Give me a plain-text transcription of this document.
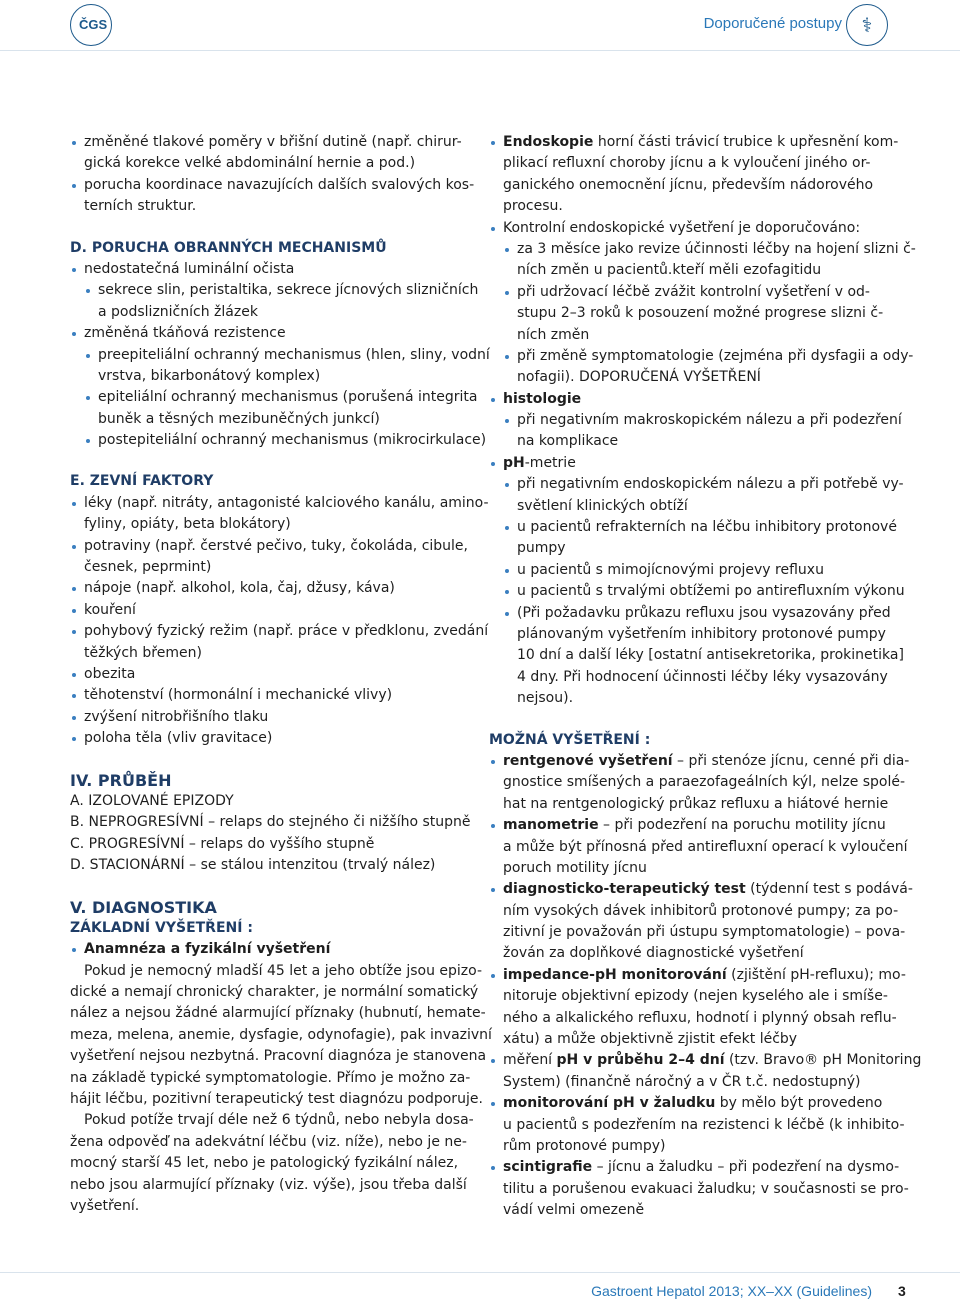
ČGS	Doporučené postupy ⚕
změněné tlakové poměry v břišní dutině (např. chirur-
gická korekce velké abdominální hernie a pod.)
porucha koordinace navazujících dalších svalových kos-
terních struktur.
D. PORUCHA OBRANNÝCH MECHANISMŮ
nedostatečná luminální očista
sekrece slin, peristaltika, sekrece jícnových slizničních
a podslizničních žlázek
změněná tkáňová rezistence
preepiteliální ochranný mechanismus (hlen, sliny, vodní
vrstva, bikarbonátový komplex)
epiteliální ochranný mechanismus (porušená integrita
buněk a těsných mezibuněčných junkcí)
postepiteliální ochranný mechanismus (mikrocirkulace)
E. ZEVNÍ FAKTORY
léky (např. nitráty, antagonisté kalciového kanálu, amino-
fyliny, opiáty, beta blokátory)
potraviny (např. čerstvé pečivo, tuky, čokoláda, cibule,
česnek, peprmint)
nápoje (např. alkohol, kola, čaj, džusy, káva)
kouření
pohybový fyzický režim (např. práce v předklonu, zvedání
těžkých břemen)
obezita
těhotenství (hormonální i mechanické vlivy)
zvýšení nitrobřišního tlaku
poloha těla (vliv gravitace)
IV. PRŮBĚH
A. IZOLOVANÉ EPIZODY
B. NEPROGRESÍVNÍ – relaps do stejného či nižšího stupně
C. PROGRESÍVNÍ – relaps do vyššího stupně
D. STACIONÁRNÍ – se stálou intenzitou (trvalý nález)
V. DIAGNOSTIKA
ZÁKLADNÍ VYŠETŘENÍ :
Anamnéza a fyzikální vyšetření
Pokud je nemocný mladší 45 let a jeho obtíže jsou epizo-
dické a nemají chronický charakter, je normální somatický
nález a nejsou žádné alarmující příznaky (hubnutí, hemate-
meza, melena, anemie, dysfagie, odynofagie), pak invazivní
vyšetření nejsou nezbytná. Pracovní diagnóza je stanovena
na základě typické symptomatologie. Přímo je možno za-
hájit léčbu, pozitivní terapeutický test diagnózu podporuje.
Pokud potíže trvají déle než 6 týdnů, nebo nebyla dosa-
žena odpověď na adekvátní léčbu (viz. níže), nebo je ne-
mocný starší 45 let, nebo je patologický fyzikální nález,
nebo jsou alarmující příznaky (viz. výše), jsou třeba další
vyšetření.
Endoskopie horní části trávicí trubice k upřesnění kom-
plikací refluxní choroby jícnu a k vyloučení jiného or-
ganického onemocnění jícnu, především nádorového
procesu.
Kontrolní endoskopické vyšetření je doporučováno:
za 3 měsíce jako revize účinnosti léčby na hojení slizni č-
ních změn u pacientů.kteří měli ezofagitidu
při udržovací léčbě zvážit kontrolní vyšetření v od-
stupu 2–3 roků k posouzení možné progrese slizni č-
ních změn
při změně symptomatologie (zejména při dysfagii a ody-
nofagii). DOPORUČENÁ VYŠETŘENÍ
histologie
při negativním makroskopickém nálezu a při podezření
na komplikace
pH-metrie
při negativním endoskopickém nálezu a při potřebě vy-
světlení klinických obtíží
u pacientů refrakterních na léčbu inhibitory protonové
pumpy
u pacientů s mimojícnovými projevy refluxu
u pacientů s trvalými obtížemi po antirefluxním výkonu
(Při požadavku průkazu refluxu jsou vysazovány před
plánovaným vyšetřením inhibitory protonové pumpy
10 dní a další léky [ostatní antisekretorika, prokinetika]
4 dny. Při hodnocení účinnosti léčby léky vysazovány
nejsou).
MOŽNÁ VYŠETŘENÍ :
rentgenové vyšetření – při stenóze jícnu, cenné při dia-
gnostice smíšených a paraezofageálních kýl, nelze spolé-
hat na rentgenologický průkaz refluxu a hiátové hernie
manometrie – při podezření na poruchu motility jícnu
a může být přínosná před antirefluxní operací k vyloučení
poruch motility jícnu
diagnosticko-terapeutický test (týdenní test s podává-
ním vysokých dávek inhibitorů protonové pumpy; za po-
zitivní je považován při ústupu symptomatologie) – pova-
žován za doplňkové diagnostické vyšetření
impedance-pH monitorování (zjištění pH-refluxu); mo-
nitoruje objektivní epizody (nejen kyselého ale i smíše-
ného a alkalického refluxu, hodnotí i plynný obsah reflu-
xátu) a může objektivně zjistit efekt léčby
měření pH v průběhu 2–4 dní (tzv. Bravo® pH Monitoring
System) (finančně náročný a v ČR t.č. nedostupný)
monitorování pH v žaludku by mělo být provedeno
u pacientů s podezřením na rezistenci k léčbě (k inhibito-
rům protonové pumpy)
scintigrafie – jícnu a žaludku – při podezření na dysmo-
tilitu a porušenou evakuaci žaludku; v současnosti se pro-
vádí velmi omezeně
Gastroent Hepatol 2013; XX–XX (Guidelines) 3
